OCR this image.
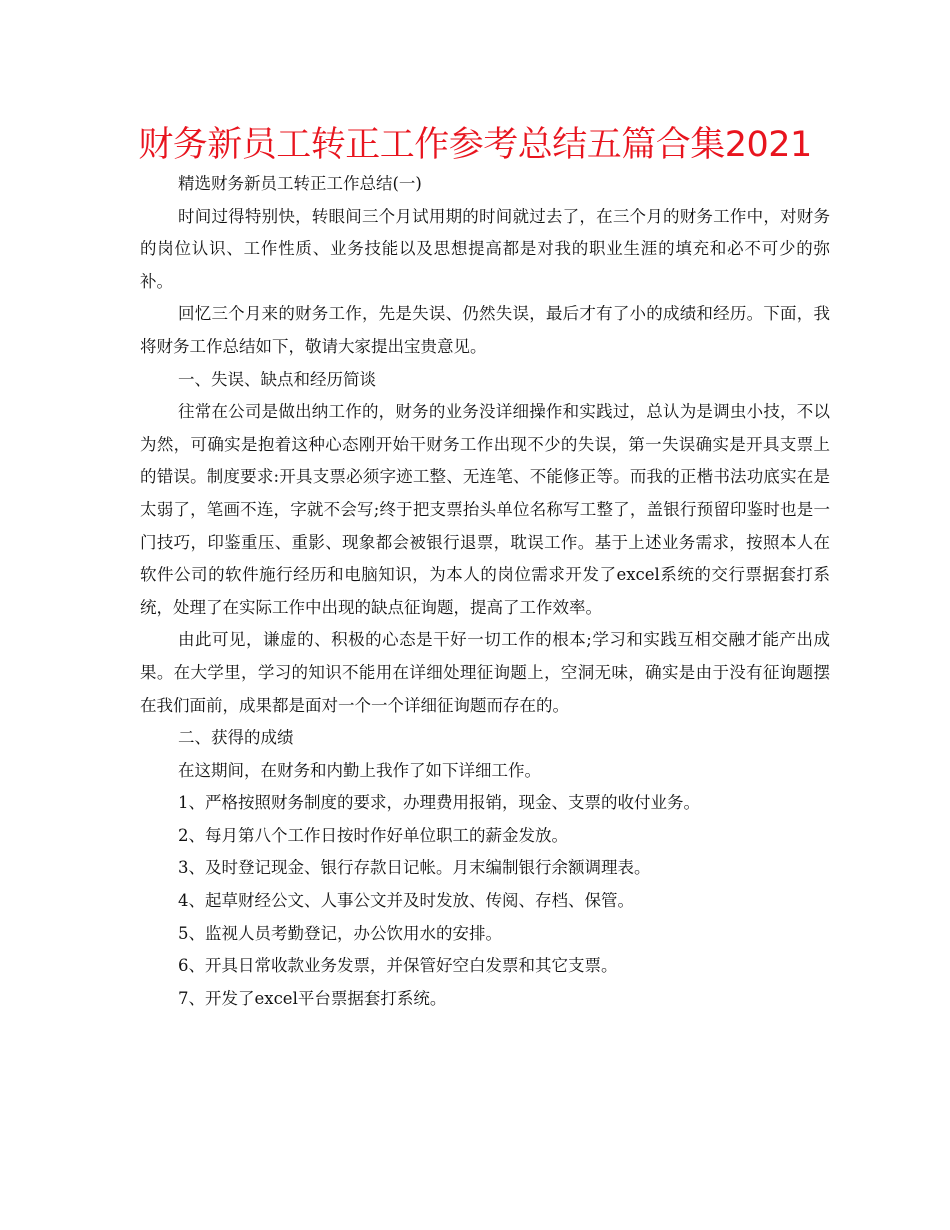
财务新员工转正工作参考总结五篇合集2021

精选财务新员工转正工作总结(一)

时间过得特别快，转眼间三个月试用期的时间就过去了，在三个月的财务工作中，对财务的岗位认识、工作性质、业务技能以及思想提高都是对我的职业生涯的填充和必不可少的弥补。

回忆三个月来的财务工作，先是失误、仍然失误，最后才有了小的成绩和经历。下面，我将财务工作总结如下，敬请大家提出宝贵意见。

一、失误、缺点和经历简谈

往常在公司是做出纳工作的，财务的业务没详细操作和实践过，总认为是调虫小技，不以为然，可确实是抱着这种心态刚开始干财务工作出现不少的失误，第一失误确实是开具支票上的错误。制度要求:开具支票必须字迹工整、无连笔、不能修正等。而我的正楷书法功底实在是太弱了，笔画不连，字就不会写;终于把支票抬头单位名称写工整了，盖银行预留印鉴时也是一门技巧，印鉴重压、重影、现象都会被银行退票，耽误工作。基于上述业务需求，按照本人在软件公司的软件施行经历和电脑知识，为本人的岗位需求开发了excel系统的交行票据套打系统，处理了在实际工作中出现的缺点征询题，提高了工作效率。

由此可见，谦虚的、积极的心态是干好一切工作的根本;学习和实践互相交融才能产出成果。在大学里，学习的知识不能用在详细处理征询题上，空洞无味，确实是由于没有征询题摆在我们面前，成果都是面对一个一个详细征询题而存在的。

二、获得的成绩

在这期间，在财务和内勤上我作了如下详细工作。

1、严格按照财务制度的要求，办理费用报销，现金、支票的收付业务。

2、每月第八个工作日按时作好单位职工的薪金发放。

3、及时登记现金、银行存款日记帐。月末编制银行余额调理表。

4、起草财经公文、人事公文并及时发放、传阅、存档、保管。

5、监视人员考勤登记，办公饮用水的安排。

6、开具日常收款业务发票，并保管好空白发票和其它支票。

7、开发了excel平台票据套打系统。
